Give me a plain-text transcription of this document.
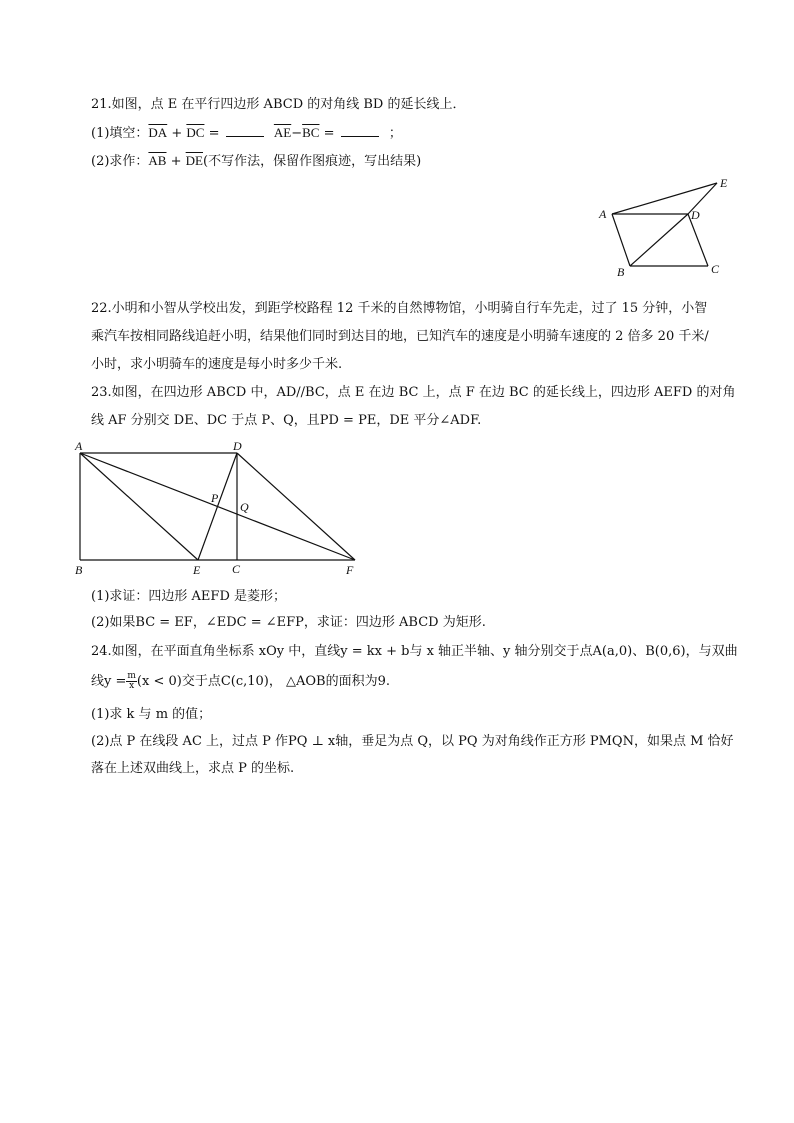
21.如图，点 E 在平行四边形 ABCD 的对角线 BD 的延长线上．
(1)填空：$\overline{DA} + \overline{DC}$ =	$\overline{AE}-\overline{BC}$ =	；
(2)求作：$\overline{AB} + \overline{DE}$(不写作法，保留作图痕迹，写出结果)
E
A	D
B	C
22.小明和小智从学校出发，到距学校路程 12 千米的自然博物馆，小明骑自行车先走，过了 15 分钟，小智
乘汽车按相同路线追赶小明，结果他们同时到达目的地，已知汽车的速度是小明骑车速度的 2 倍多 20 千米/
小时，求小明骑车的速度是每小时多少千米.
23.如图，在四边形 ABCD 中，AD//BC，点 E 在边 BC 上，点 F 在边 BC 的延长线上，四边形 AEFD 的对角
线 AF 分别交 DE、DC 于点 P、Q，且PD = PE，DE 平分∠ADF.
A	D
P
Q
B	E	C	F
(1)求证：四边形 AEFD 是菱形；
(2)如果BC = EF，∠EDC = ∠EFP，求证：四边形 ABCD 为矩形.
24.如图，在平面直角坐标系 xOy 中，直线y = kx + b与 x 轴正半轴、y 轴分别交于点A(a,0)、B(0,6)，与双曲
线$y = \frac{m}{x} (x < 0)$交于点C(c,10)， △AOB的面积为9.
(1)求 k 与 m 的值；
(2)点 P 在线段 AC 上，过点 P 作PQ ⊥ x轴，垂足为点 Q，以 PQ 为对角线作正方形 PMQN，如果点 M 恰好
落在上述双曲线上，求点 P 的坐标.
